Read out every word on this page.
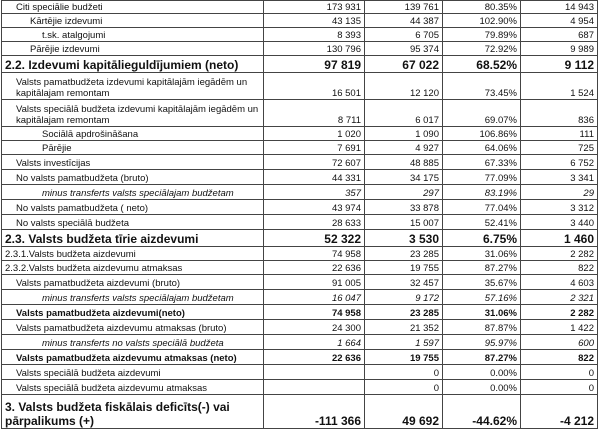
Citi speciālie budžeti	173 931	139 761	80.35%	14 943
Kārtējie izdevumi	43 135	44 387	102.90%	4 954
t.sk. atalgojumi	8 393	6 705	79.89%	687
Pārējie izdevumi	130 796	95 374	72.92%	9 989
2.2. Izdevumi kapitālieguldījumiem (neto)	97 819	67 022	68.52%	9 112
Valsts pamatbudžeta izdevumi kapitālajām iegādēm un kapitālajam remontam	16 501	12 120	73.45%	1 524
Valsts speciālā budžeta izdevumi kapitālajām iegādēm un kapitālajam remontam	8 711	6 017	69.07%	836
Sociālā apdrošināšana	1 020	1 090	106.86%	111
Pārējie	7 691	4 927	64.06%	725
Valsts investīcijas	72 607	48 885	67.33%	6 752
No valsts pamatbudžeta (bruto)	44 331	34 175	77.09%	3 341
minus transferts valsts speciālajam budžetam	357	297	83.19%	29
No valsts pamatbudžeta ( neto)	43 974	33 878	77.04%	3 312
No valsts speciālā budžeta	28 633	15 007	52.41%	3 440
2.3. Valsts budžeta tīrie aizdevumi	52 322	3 530	6.75%	1 460
2.3.1.Valsts budžeta aizdevumi	74 958	23 285	31.06%	2 282
2.3.2.Valsts budžeta aizdevumu atmaksas	22 636	19 755	87.27%	822
Valsts pamatbudžeta aizdevumi (bruto)	91 005	32 457	35.67%	4 603
minus transferts valsts speciālajam budžetam	16 047	9 172	57.16%	2 321
Valsts pamatbudžeta aizdevumi(neto)	74 958	23 285	31.06%	2 282
Valsts pamatbudžeta aizdevumu atmaksas (bruto)	24 300	21 352	87.87%	1 422
minus transferts no valsts speciālā budžeta	1 664	1 597	95.97%	600
Valsts pamatbudžeta aizdevumu atmaksas (neto)	22 636	19 755	87.27%	822
Valsts speciālā budžeta aizdevumi		0	0.00%	0
Valsts speciālā budžeta aizdevumu atmaksas		0	0.00%	0
3. Valsts budžeta fiskālais deficīts(-) vai pārpalikums (+)	-111 366	49 692	-44.62%	-4 212
